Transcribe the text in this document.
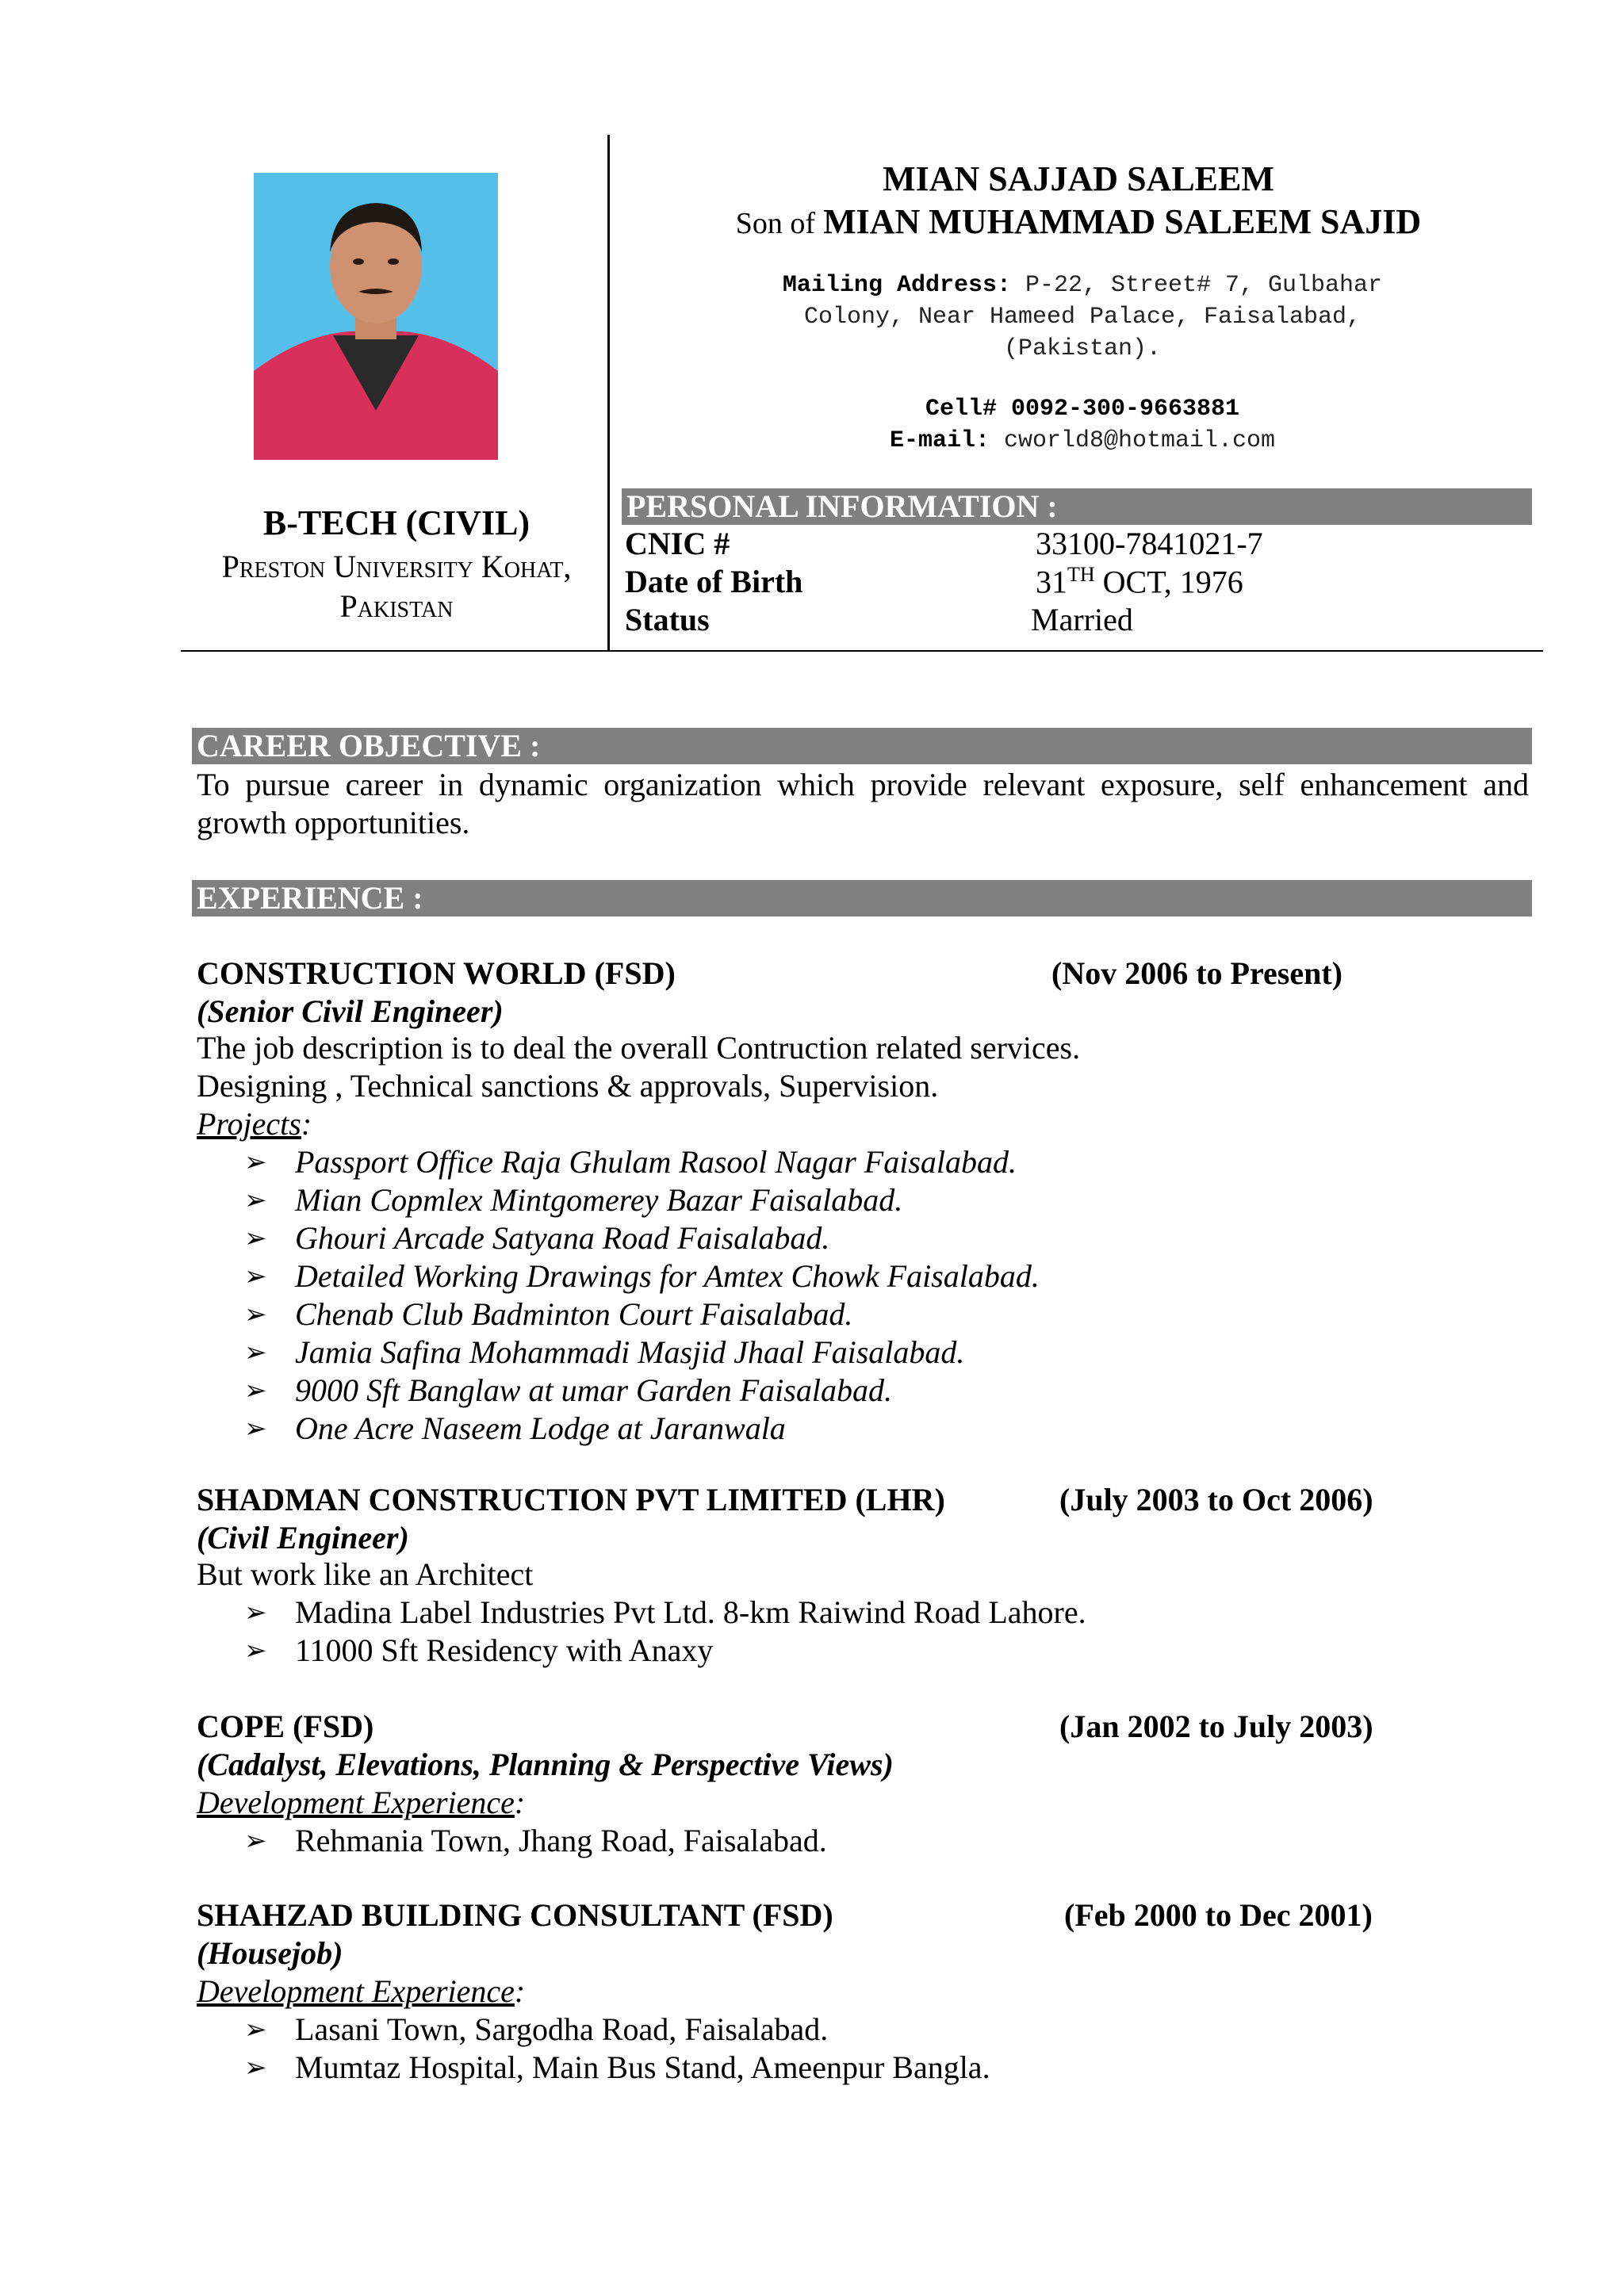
MIAN SAJJAD SALEEM
Son of MIAN MUHAMMAD SALEEM SAJID
Mailing Address: P-22, Street# 7, Gulbahar
Colony, Near Hameed Palace, Faisalabad,
(Pakistan).
Cell# 0092-300-9663881
E-mail: cworld8@hotmail.com
B-TECH (CIVIL)
Preston University Kohat,
Pakistan
PERSONAL INFORMATION :
CNIC #	33100-7841021-7
Date of Birth	31TH OCT, 1976
Status	Married
CAREER OBJECTIVE :
To pursue career in dynamic organization which provide relevant exposure, self enhancement and growth opportunities.
EXPERIENCE :
CONSTRUCTION WORLD (FSD)	(Nov 2006 to Present)
(Senior Civil Engineer)
The job description is to deal the overall Contruction related services.
Designing , Technical sanctions & approvals, Supervision.
Projects:
➢ Passport Office Raja Ghulam Rasool Nagar Faisalabad.
➢ Mian Copmlex Mintgomerey Bazar Faisalabad.
➢ Ghouri Arcade Satyana Road Faisalabad.
➢ Detailed Working Drawings for Amtex Chowk Faisalabad.
➢ Chenab Club Badminton Court Faisalabad.
➢ Jamia Safina Mohammadi Masjid Jhaal Faisalabad.
➢ 9000 Sft Banglaw at umar Garden Faisalabad.
➢ One Acre Naseem Lodge at Jaranwala
SHADMAN CONSTRUCTION PVT LIMITED (LHR)	(July 2003 to Oct 2006)
(Civil Engineer)
But work like an Architect
➢ Madina Label Industries Pvt Ltd. 8-km Raiwind Road Lahore.
➢ 11000 Sft Residency with Anaxy
COPE (FSD)	(Jan 2002 to July 2003)
(Cadalyst, Elevations, Planning & Perspective Views)
Development Experience:
➢ Rehmania Town, Jhang Road, Faisalabad.
SHAHZAD BUILDING CONSULTANT (FSD)	(Feb 2000 to Dec 2001)
(Housejob)
Development Experience:
➢ Lasani Town, Sargodha Road, Faisalabad.
➢ Mumtaz Hospital, Main Bus Stand, Ameenpur Bangla.
